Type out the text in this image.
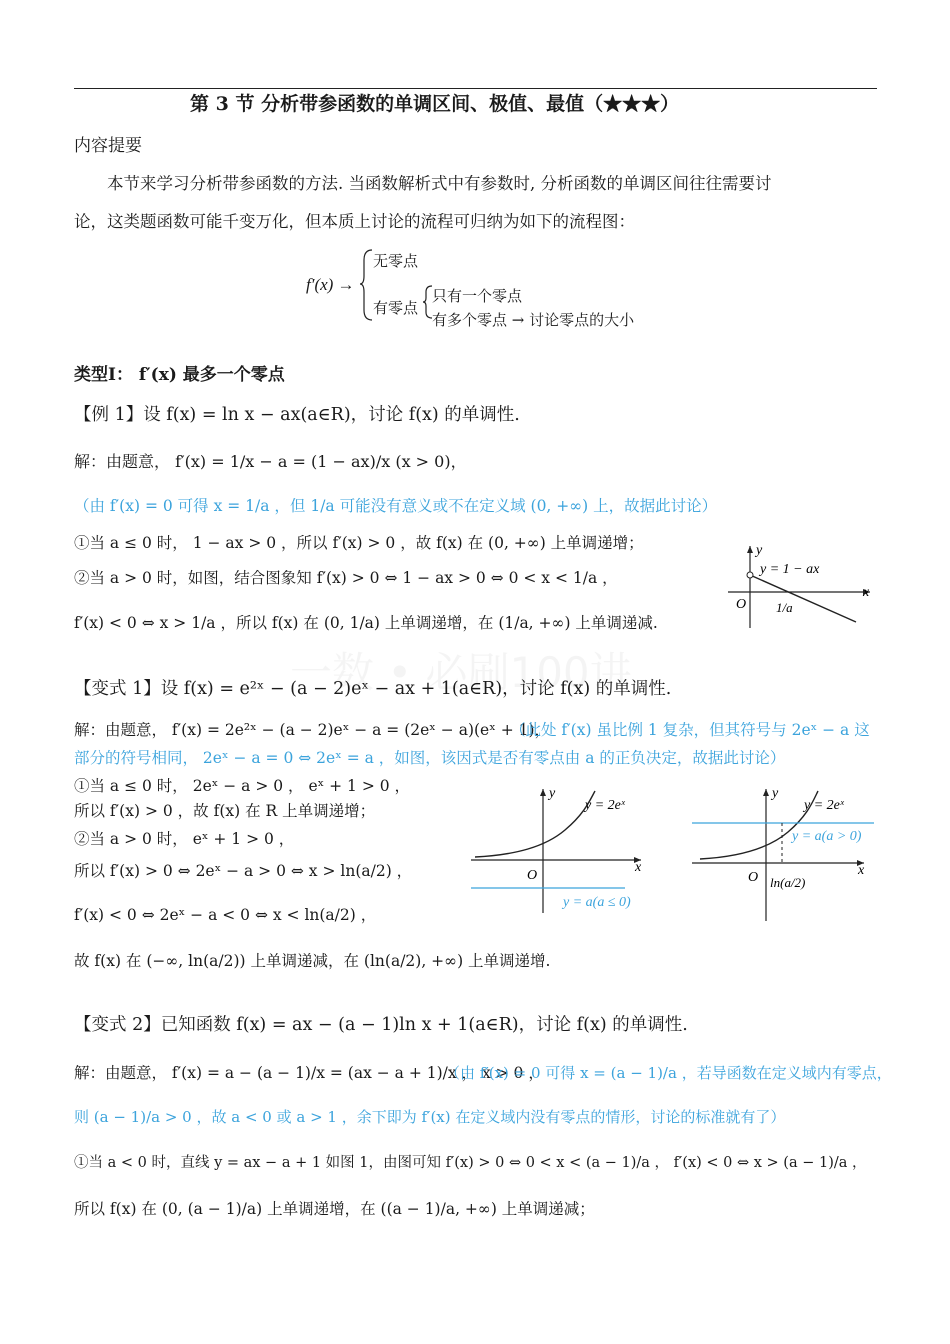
第 3 节 分析带参函数的单调区间、极值、最值（★★★）
内容提要
本节来学习分析带参函数的方法. 当函数解析式中有参数时, 分析函数的单调区间往往需要讨
论，这类题函数可能千变万化，但本质上讨论的流程可归纳为如下的流程图：
f′(x) →
无零点
有零点
只有一个零点
有多个零点 → 讨论零点的大小
类型Ⅰ： f′(x) 最多一个零点
【例 1】设 f(x) = ln x − ax(a∈R)，讨论 f(x) 的单调性.
解：由题意， f′(x) = 1/x − a = (1 − ax)/x (x > 0)，
（由 f′(x) = 0 可得 x = 1/a ，但 1/a 可能没有意义或不在定义域 (0, +∞) 上，故据此讨论）
①当 a ≤ 0 时， 1 − ax > 0 ，所以 f′(x) > 0 ，故 f(x) 在 (0, +∞) 上单调递增；
②当 a > 0 时，如图，结合图象知 f′(x) > 0 ⇔ 1 − ax > 0 ⇔ 0 < x < 1/a ，
f′(x) < 0 ⇔ x > 1/a ，所以 f(x) 在 (0, 1/a) 上单调递增，在 (1/a, +∞) 上单调递减.
y = 1 − ax
x
y
O 1/a
【变式 1】设 f(x) = e²ˣ − (a − 2)eˣ − ax + 1(a∈R)，讨论 f(x) 的单调性.
解：由题意， f′(x) = 2e²ˣ − (a − 2)eˣ − a = (2eˣ − a)(eˣ + 1)，
（此处 f′(x) 虽比例 1 复杂，但其符号与 2eˣ − a 这
部分的符号相同， 2eˣ − a = 0 ⇔ 2eˣ = a ，如图，该因式是否有零点由 a 的正负决定，故据此讨论）
①当 a ≤ 0 时， 2eˣ − a > 0 ， eˣ + 1 > 0 ，
所以 f′(x) > 0 ，故 f(x) 在 R 上单调递增；
②当 a > 0 时， eˣ + 1 > 0 ，
所以 f′(x) > 0 ⇔ 2eˣ − a > 0 ⇔ x > ln(a/2) ，
f′(x) < 0 ⇔ 2eˣ − a < 0 ⇔ x < ln(a/2) ，
故 f(x) 在 (−∞, ln(a/2)) 上单调递减，在 (ln(a/2), +∞) 上单调递增.
y = 2eˣ
y = a(a ≤ 0)
x
y
O
y = 2eˣ
y = a(a > 0)
x
y
O ln(a/2)
【变式 2】已知函数 f(x) = ax − (a − 1)ln x + 1(a∈R)，讨论 f(x) 的单调性.
解：由题意， f′(x) = a − (a − 1)/x = (ax − a + 1)/x ， x > 0 ，
（由 f′(x) = 0 可得 x = (a − 1)/a ，若导函数在定义域内有零点，
则 (a − 1)/a > 0 ，故 a < 0 或 a > 1 ，余下即为 f′(x) 在定义域内没有零点的情形，讨论的标准就有了）
①当 a < 0 时，直线 y = ax − a + 1 如图 1，由图可知 f′(x) > 0 ⇔ 0 < x < (a − 1)/a ， f′(x) < 0 ⇔ x > (a − 1)/a ，
所以 f(x) 在 (0, (a − 1)/a) 上单调递增，在 ((a − 1)/a, +∞) 上单调递减；
